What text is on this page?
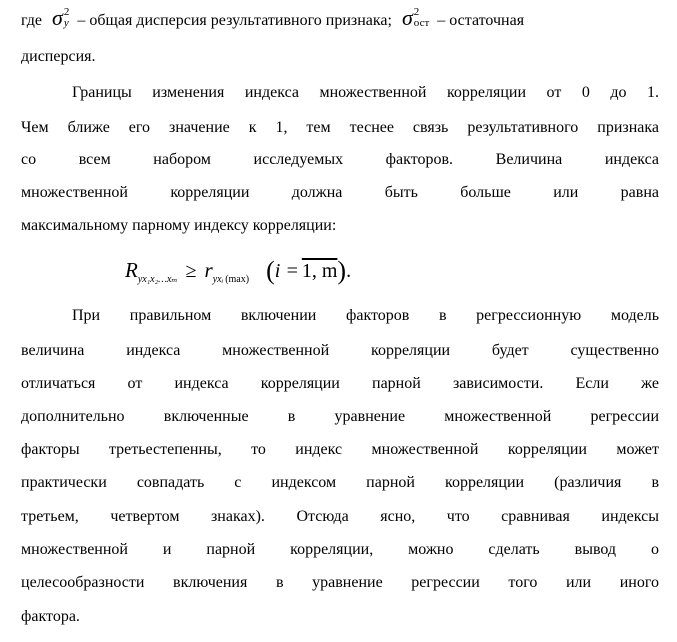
где σ 2
y – общая дисперсия результативного признака; σ 2
ост – остаточная
дисперсия.
Границы изменения индекса множественной корреляции от 0 до 1.
Чем ближе его значение к 1, тем теснее связь результативного признака
со всем набором исследуемых факторов. Величина индекса
множественной корреляции должна быть больше или равна
максимальному парному индексу корреляции:
$R_{yx_1x_2\dots x_m} \ge r_{yxᵢ}$ $_{(max)}$ (i = 1, m).
При правильном включении факторов в регрессионную модель
величина индекса множественной корреляции будет существенно
отличаться от индекса корреляции парной зависимости. Если же
дополнительно включенные в уравнение множественной регрессии
факторы третьестепенны, то индекс множественной корреляции может
практически совпадать с индексом парной корреляции (различия в
третьем, четвертом знаках). Отсюда ясно, что сравнивая индексы
множественной и парной корреляции, можно сделать вывод о
целесообразности включения в уравнение регрессии того или иного
фактора.
